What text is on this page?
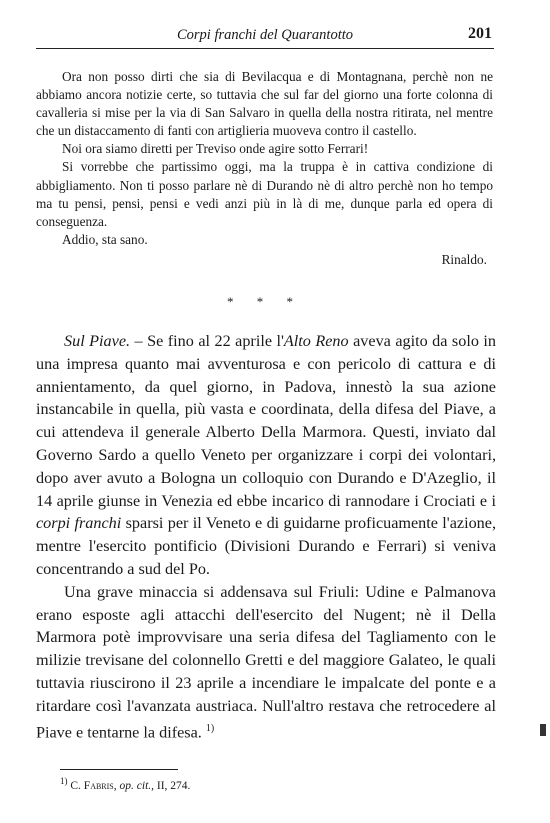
Corpi franchi del Quarantotto	201

Ora non posso dirti che sia di Bevilacqua e di Montagnana, perchè non ne abbiamo ancora notizie certe, so tuttavia che sul far del giorno una forte colonna di cavalleria si mise per la via di San Salvaro in quella della nostra ritirata, nel mentre che un distaccamento di fanti con artiglieria muoveva contro il castello.

Noi ora siamo diretti per Treviso onde agire sotto Ferrari!

Si vorrebbe che partissimo oggi, ma la truppa è in cattiva condizione di abbigliamento. Non ti posso parlare nè di Durando nè di altro perchè non ho tempo ma tu pensi, pensi, pensi e vedi anzi più in là di me, dunque parla ed opera di conseguenza.

Addio, sta sano.

Rinaldo.

* * *

Sul Piave. – Se fino al 22 aprile l'Alto Reno aveva agito da solo in una impresa quanto mai avventurosa e con pericolo di cattura e di annientamento, da quel giorno, in Padova, innestò la sua azione instancabile in quella, più vasta e coordinata, della difesa del Piave, a cui attendeva il generale Alberto Della Marmora. Questi, inviato dal Governo Sardo a quello Veneto per organizzare i corpi dei volontari, dopo aver avuto a Bologna un colloquio con Durando e D'Azeglio, il 14 aprile giunse in Venezia ed ebbe incarico di rannodare i Crociati e i corpi franchi sparsi per il Veneto e di guidarne proficuamente l'azione, mentre l'esercito pontificio (Divisioni Durando e Ferrari) si veniva concentrando a sud del Po.

Una grave minaccia si addensava sul Friuli: Udine e Palmanova erano esposte agli attacchi dell'esercito del Nugent; nè il Della Marmora potè improvvisare una seria difesa del Tagliamento con le milizie trevisane del colonnello Gretti e del maggiore Galateo, le quali tuttavia riuscirono il 23 aprile a incendiare le impalcate del ponte e a ritardare così l'avanzata austriaca. Null'altro restava che retrocedere al Piave e tentarne la difesa. $^{1)}$

$^{1)}$ C. Fabris, op. cit., II, 274.
